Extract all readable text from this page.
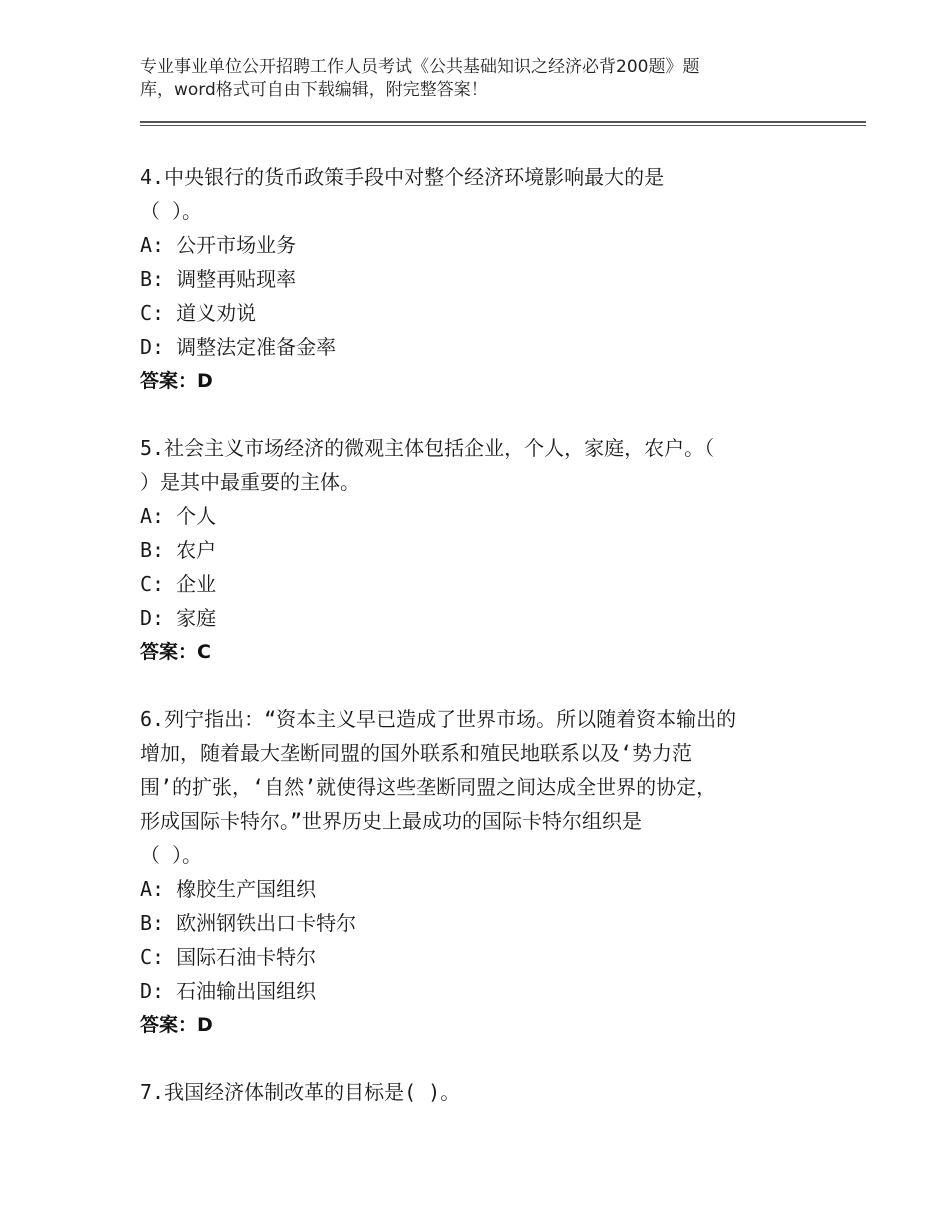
专业事业单位公开招聘工作人员考试《公共基础知识之经济必背200题》题
库，word格式可自由下载编辑，附完整答案！
4.中央银行的货币政策手段中对整个经济环境影响最大的是
（ ）。
A: 公开市场业务
B: 调整再贴现率
C: 道义劝说
D: 调整法定准备金率
答案：D
5.社会主义市场经济的微观主体包括企业，个人，家庭，农户。（
）是其中最重要的主体。
A: 个人
B: 农户
C: 企业
D: 家庭
答案：C
6.列宁指出：“资本主义早已造成了世界市场。所以随着资本输出的
增加，随着最大垄断同盟的国外联系和殖民地联系以及‘势力范
围’的扩张，‘自然’就使得这些垄断同盟之间达成全世界的协定，
形成国际卡特尔。”世界历史上最成功的国际卡特尔组织是
（ ）。
A: 橡胶生产国组织
B: 欧洲钢铁出口卡特尔
C: 国际石油卡特尔
D: 石油输出国组织
答案：D
7.我国经济体制改革的目标是( )。
